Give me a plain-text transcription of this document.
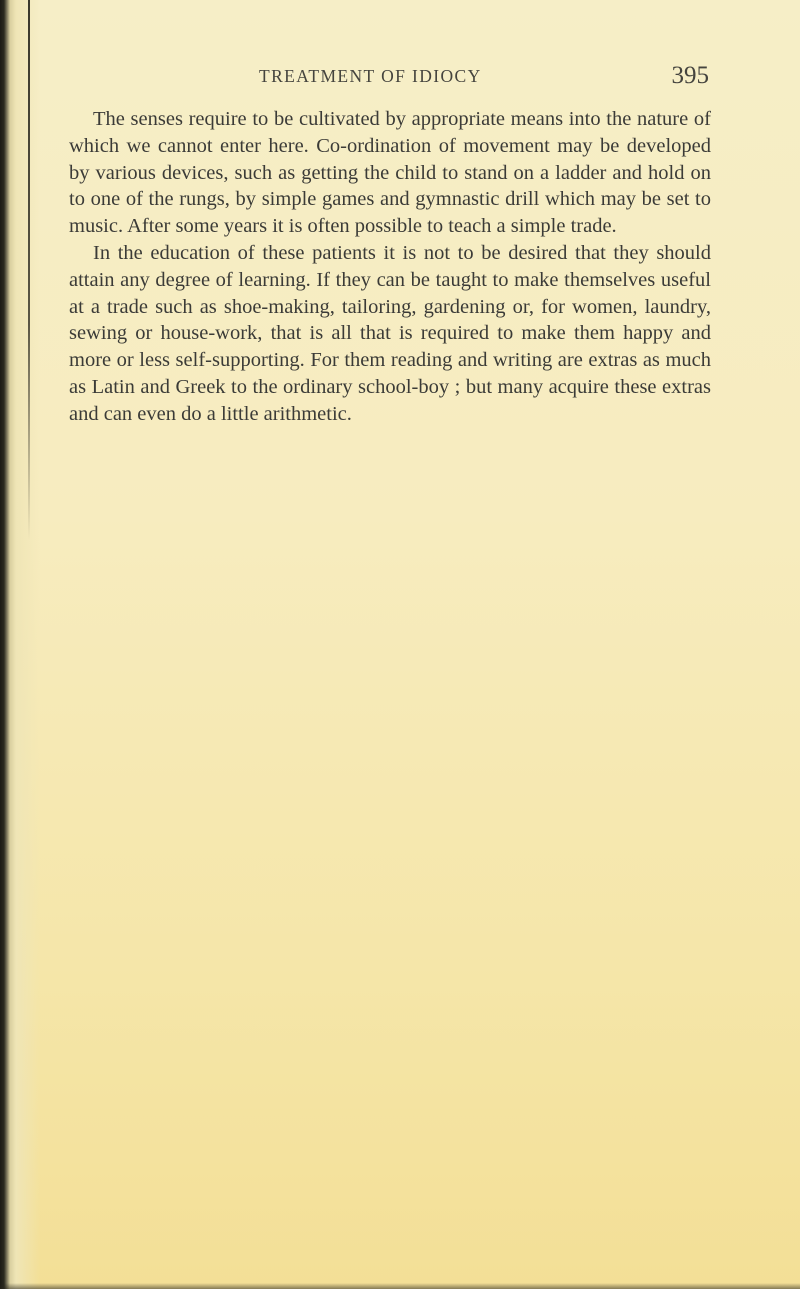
TREATMENT OF IDIOCY	395

The senses require to be cultivated by appropriate means into the nature of which we cannot enter here. Co-ordination of movement may be developed by various devices, such as getting the child to stand on a ladder and hold on to one of the rungs, by simple games and gymnastic drill which may be set to music. After some years it is often possible to teach a simple trade.

In the education of these patients it is not to be desired that they should attain any degree of learning. If they can be taught to make themselves useful at a trade such as shoe-making, tailoring, gardening or, for women, laundry, sewing or house-work, that is all that is required to make them happy and more or less self-supporting. For them reading and writing are extras as much as Latin and Greek to the ordinary school-boy ; but many acquire these extras and can even do a little arithmetic.
